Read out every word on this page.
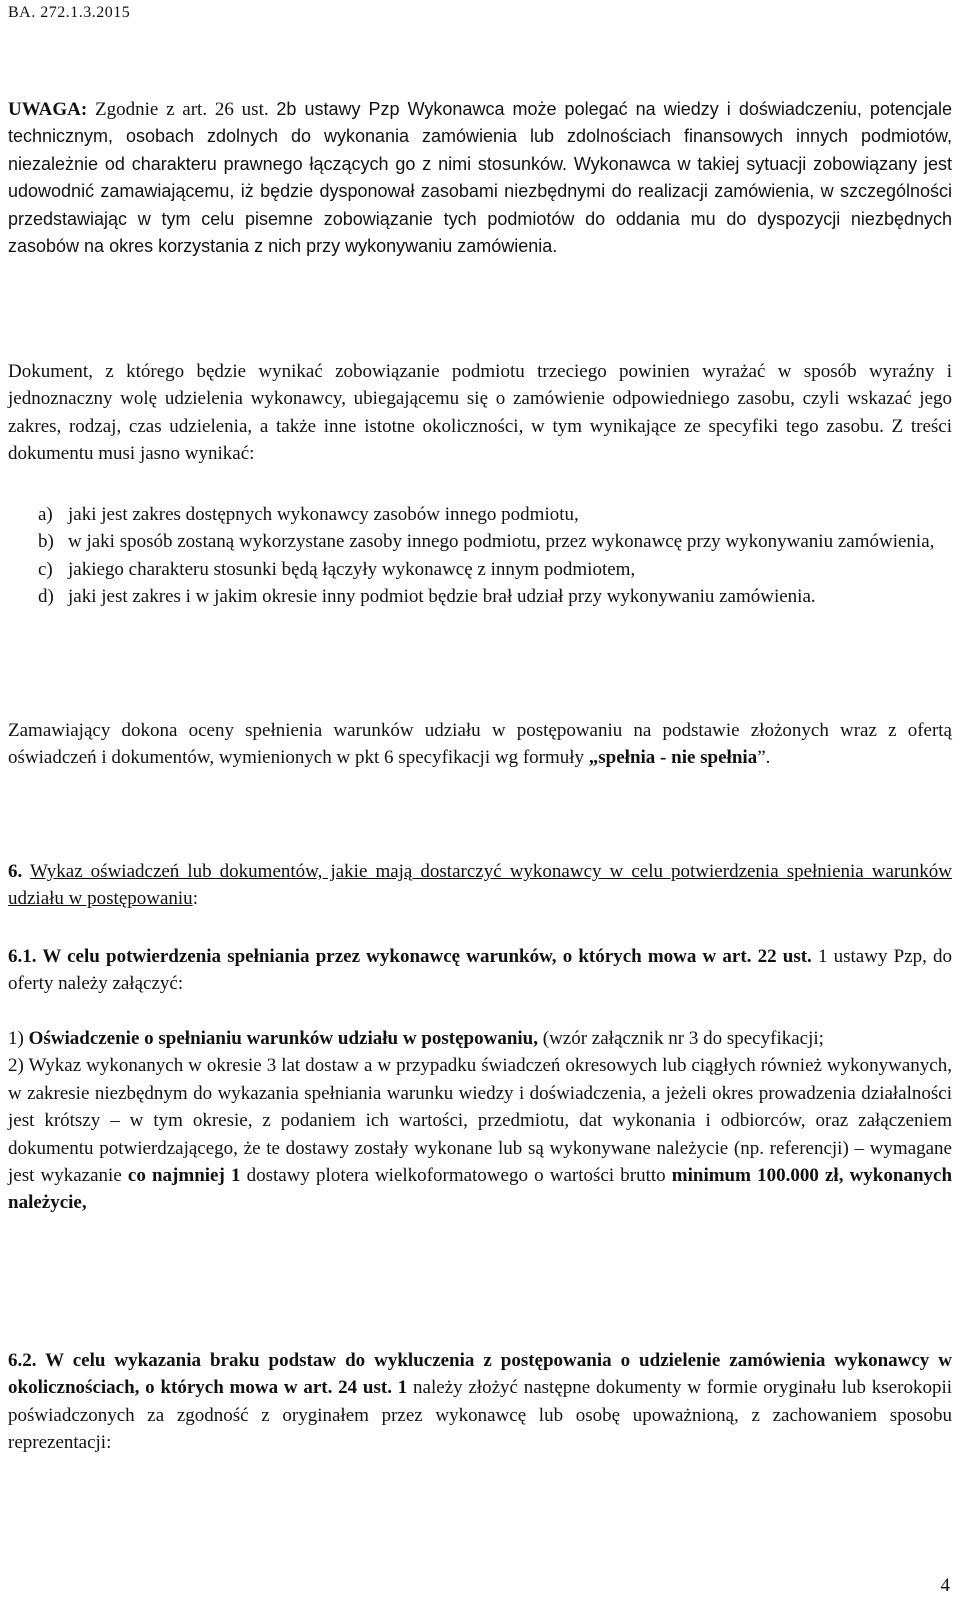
BA. 272.1.3.2015

UWAGA: Zgodnie z art. 26 ust. 2b ustawy Pzp Wykonawca może polegać na wiedzy i doświadczeniu, potencjale technicznym, osobach zdolnych do wykonania zamówienia lub zdolnościach finansowych innych podmiotów, niezależnie od charakteru prawnego łączących go z nimi stosunków. Wykonawca w takiej sytuacji zobowiązany jest udowodnić zamawiającemu, iż będzie dysponował zasobami niezbędnymi do realizacji zamówienia, w szczególności przedstawiając w tym celu pisemne zobowiązanie tych podmiotów do oddania mu do dyspozycji niezbędnych zasobów na okres korzystania z nich przy wykonywaniu zamówienia.

Dokument, z którego będzie wynikać zobowiązanie podmiotu trzeciego powinien wyrażać w sposób wyraźny i jednoznaczny wolę udzielenia wykonawcy, ubiegającemu się o zamówienie odpowiedniego zasobu, czyli wskazać jego zakres, rodzaj, czas udzielenia, a także inne istotne okoliczności, w tym wynikające ze specyfiki tego zasobu. Z treści dokumentu musi jasno wynikać:

a) jaki jest zakres dostępnych wykonawcy zasobów innego podmiotu,
b) w jaki sposób zostaną wykorzystane zasoby innego podmiotu, przez wykonawcę przy wykonywaniu zamówienia,
c) jakiego charakteru stosunki będą łączyły wykonawcę z innym podmiotem,
d) jaki jest zakres i w jakim okresie inny podmiot będzie brał udział przy wykonywaniu zamówienia.

Zamawiający dokona oceny spełnienia warunków udziału w postępowaniu na podstawie złożonych wraz z ofertą oświadczeń i dokumentów, wymienionych w pkt 6 specyfikacji wg formuły „spełnia - nie spełnia”.

6. Wykaz oświadczeń lub dokumentów, jakie mają dostarczyć wykonawcy w celu potwierdzenia spełnienia warunków udziału w postępowaniu:

6.1. W celu potwierdzenia spełniania przez wykonawcę warunków, o których mowa w art. 22 ust. 1 ustawy Pzp, do oferty należy załączyć:

1) Oświadczenie o spełnianiu warunków udziału w postępowaniu, (wzór załącznik nr 3 do specyfikacji;

2) Wykaz wykonanych w okresie 3 lat dostaw a w przypadku świadczeń okresowych lub ciągłych również wykonywanych, w zakresie niezbędnym do wykazania spełniania warunku wiedzy i doświadczenia, a jeżeli okres prowadzenia działalności jest krótszy – w tym okresie, z podaniem ich wartości, przedmiotu, dat wykonania i odbiorców, oraz załączeniem dokumentu potwierdzającego, że te dostawy zostały wykonane lub są wykonywane należycie (np. referencji) – wymagane jest wykazanie co najmniej 1 dostawy plotera wielkoformatowego o wartości brutto minimum 100.000 zł, wykonanych należycie,

6.2. W celu wykazania braku podstaw do wykluczenia z postępowania o udzielenie zamówienia wykonawcy w okolicznościach, o których mowa w art. 24 ust. 1 należy złożyć następne dokumenty w formie oryginału lub kserokopii poświadczonych za zgodność z oryginałem przez wykonawcę lub osobę upoważnioną, z zachowaniem sposobu reprezentacji:

4
